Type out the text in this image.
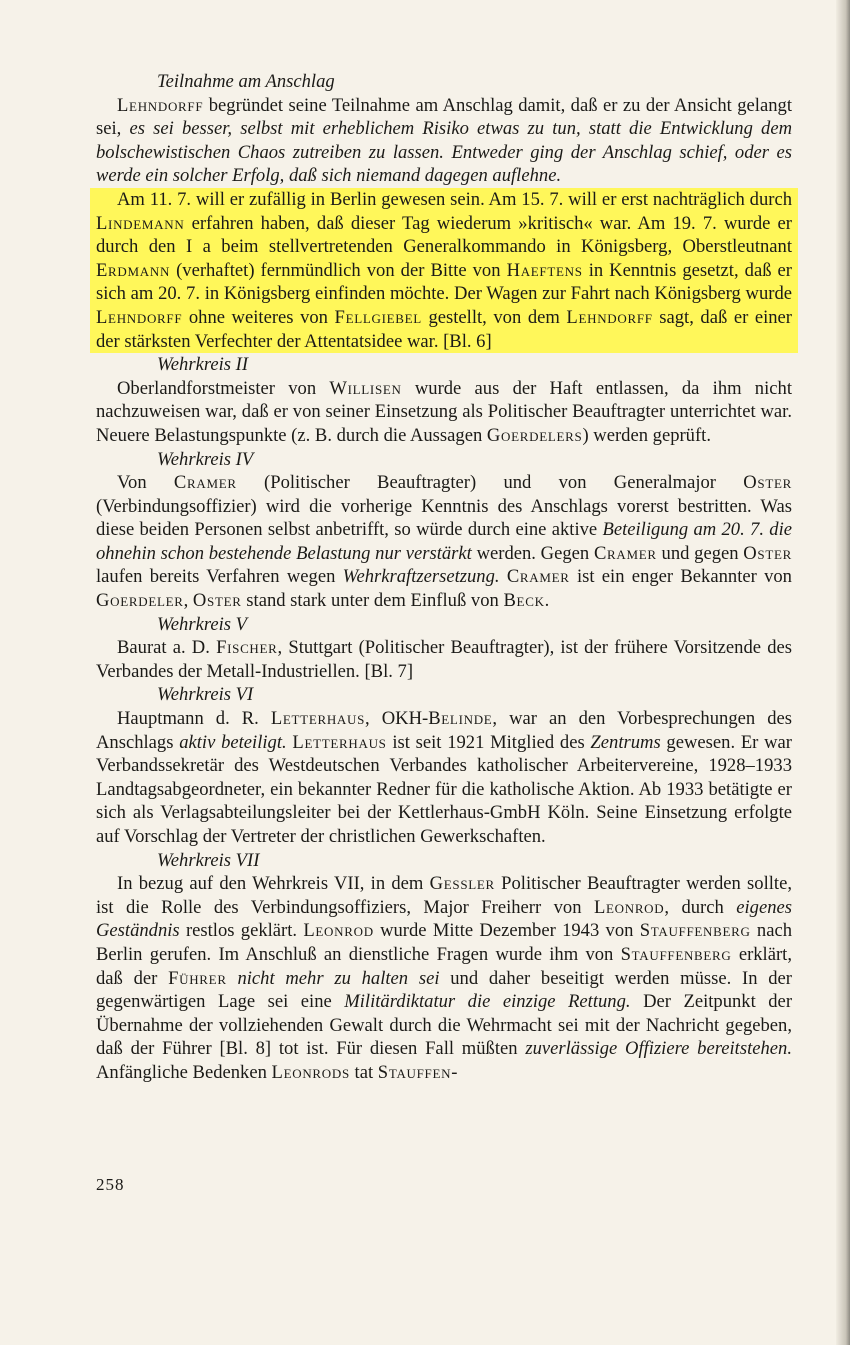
Teilnahme am Anschlag

Lehndorff begründet seine Teilnahme am Anschlag damit, daß er zu der Ansicht gelangt sei, es sei besser, selbst mit erheblichem Risiko etwas zu tun, statt die Entwicklung dem bolschewistischen Chaos zutreiben zu lassen. Entweder ging der Anschlag schief, oder es werde ein solcher Erfolg, daß sich niemand dagegen auflehne.

Am 11. 7. will er zufällig in Berlin gewesen sein. Am 15. 7. will er erst nachträglich durch Lindemann erfahren haben, daß dieser Tag wiederum »kritisch« war. Am 19. 7. wurde er durch den I a beim stellvertretenden Generalkommando in Königsberg, Oberstleutnant Erdmann (verhaftet) fernmündlich von der Bitte von Haeftens in Kenntnis gesetzt, daß er sich am 20. 7. in Königsberg einfinden möchte. Der Wagen zur Fahrt nach Königsberg wurde Lehndorff ohne weiteres von Fellgiebel gestellt, von dem Lehndorff sagt, daß er einer der stärksten Verfechter der Attentatsidee war. [Bl. 6]

Wehrkreis II

Oberlandforstmeister von Willisen wurde aus der Haft entlassen, da ihm nicht nachzuweisen war, daß er von seiner Einsetzung als Politischer Beauftragter unterrichtet war. Neuere Belastungspunkte (z. B. durch die Aussagen Goerdelers) werden geprüft.

Wehrkreis IV

Von Cramer (Politischer Beauftragter) und von Generalmajor Oster (Verbindungsoffizier) wird die vorherige Kenntnis des Anschlags vorerst bestritten. Was diese beiden Personen selbst anbetrifft, so würde durch eine aktive Beteiligung am 20. 7. die ohnehin schon bestehende Belastung nur verstärkt werden. Gegen Cramer und gegen Oster laufen bereits Verfahren wegen Wehrkraftzersetzung. Cramer ist ein enger Bekannter von Goerdeler, Oster stand stark unter dem Einfluß von Beck.

Wehrkreis V

Baurat a. D. Fischer, Stuttgart (Politischer Beauftragter), ist der frühere Vorsitzende des Verbandes der Metall-Industriellen. [Bl. 7]

Wehrkreis VI

Hauptmann d. R. Letterhaus, OKH-Belinde, war an den Vorbesprechungen des Anschlags aktiv beteiligt. Letterhaus ist seit 1921 Mitglied des Zentrums gewesen. Er war Verbandssekretär des Westdeutschen Verbandes katholischer Arbeitervereine, 1928–1933 Landtagsabgeordneter, ein bekannter Redner für die katholische Aktion. Ab 1933 betätigte er sich als Verlagsabteilungsleiter bei der Kettlerhaus-GmbH Köln. Seine Einsetzung erfolgte auf Vorschlag der Vertreter der christlichen Gewerkschaften.

Wehrkreis VII

In bezug auf den Wehrkreis VII, in dem Gessler Politischer Beauftragter werden sollte, ist die Rolle des Verbindungsoffiziers, Major Freiherr von Leonrod, durch eigenes Geständnis restlos geklärt. Leonrod wurde Mitte Dezember 1943 von Stauffenberg nach Berlin gerufen. Im Anschluß an dienstliche Fragen wurde ihm von Stauffenberg erklärt, daß der Führer nicht mehr zu halten sei und daher beseitigt werden müsse. In der gegenwärtigen Lage sei eine Militärdiktatur die einzige Rettung. Der Zeitpunkt der Übernahme der vollziehenden Gewalt durch die Wehrmacht sei mit der Nachricht gegeben, daß der Führer [Bl. 8] tot ist. Für diesen Fall müßten zuverlässige Offiziere bereitstehen. Anfängliche Bedenken Leonrods tat Stauffen-

258
